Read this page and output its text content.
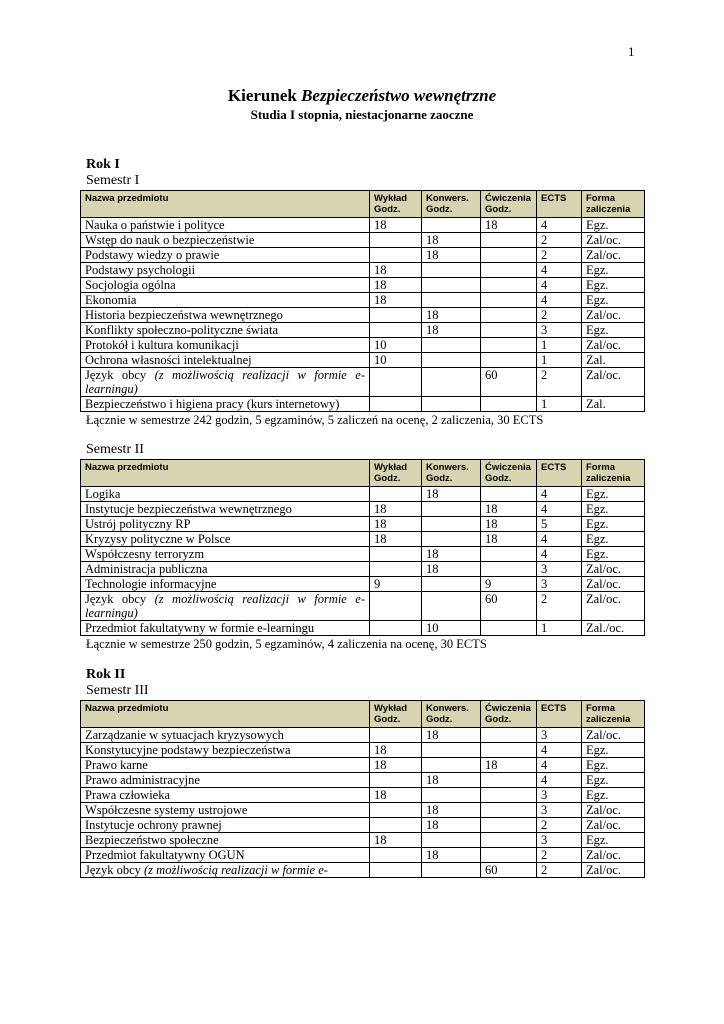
1
Kierunek Bezpieczeństwo wewnętrzne
Studia I stopnia, niestacjonarne zaoczne
Rok I
Semestr I
Nazwa przedmiotu	Wykład Godz.	Konwers. Godz.	Ćwiczenia Godz.	ECTS	Forma zaliczenia
Nauka o państwie i polityce	18		18	4	Egz.
Wstęp do nauk o bezpieczeństwie		18		2	Zal/oc.
Podstawy wiedzy o prawie		18		2	Zal/oc.
Podstawy psychologii	18			4	Egz.
Socjologia ogólna	18			4	Egz.
Ekonomia	18			4	Egz.
Historia bezpieczeństwa wewnętrznego		18		2	Zal/oc.
Konflikty społeczno-polityczne świata		18		3	Egz.
Protokół i kultura komunikacji	10			1	Zal/oc.
Ochrona własności intelektualnej	10			1	Zal.
Język obcy (z możliwością realizacji w formie e-learningu)			60	2	Zal/oc.
Bezpieczeństwo i higiena pracy (kurs internetowy)				1	Zal.
Łącznie w semestrze 242 godzin, 5 egzaminów, 5 zaliczeń na ocenę, 2 zaliczenia, 30 ECTS
Semestr II
Nazwa przedmiotu	Wykład Godz.	Konwers. Godz.	Ćwiczenia Godz.	ECTS	Forma zaliczenia
Logika		18		4	Egz.
Instytucje bezpieczeństwa wewnętrznego	18		18	4	Egz.
Ustrój polityczny RP	18		18	5	Egz.
Kryzysy polityczne w Polsce	18		18	4	Egz.
Współczesny terroryzm		18		4	Egz.
Administracja publiczna		18		3	Zal/oc.
Technologie informacyjne	9		9	3	Zal/oc.
Język obcy (z możliwością realizacji w formie e-learningu)			60	2	Zal/oc.
Przedmiot fakultatywny w formie e-learningu		10		1	Zal./oc.
Łącznie w semestrze 250 godzin, 5 egzaminów, 4 zaliczenia na ocenę, 30 ECTS
Rok II
Semestr III
Nazwa przedmiotu	Wykład Godz.	Konwers. Godz.	Ćwiczenia Godz.	ECTS	Forma zaliczenia
Zarządzanie w sytuacjach kryzysowych		18		3	Zal/oc.
Konstytucyjne podstawy bezpieczeństwa	18			4	Egz.
Prawo karne	18		18	4	Egz.
Prawo administracyjne		18		4	Egz.
Prawa człowieka	18			3	Egz.
Współczesne systemy ustrojowe		18		3	Zal/oc.
Instytucje ochrony prawnej		18		2	Zal/oc.
Bezpieczeństwo społeczne	18			3	Egz.
Przedmiot fakultatywny OGUN		18		2	Zal/oc.
Język obcy (z możliwością realizacji w formie e-			60	2	Zal/oc.
